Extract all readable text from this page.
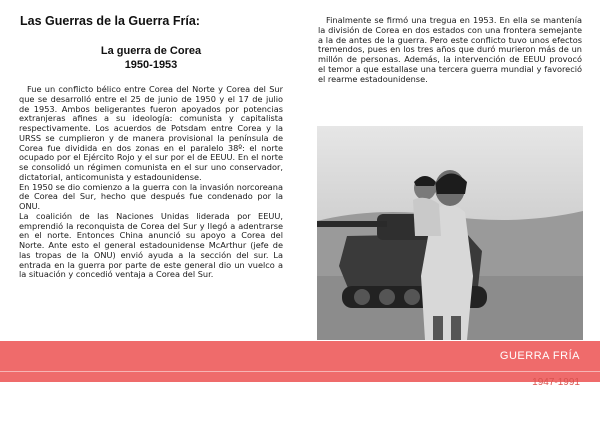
Las Guerras de la Guerra Fría:
La guerra de Corea
1950-1953

Fue un conflicto bélico entre Corea del Norte y Corea del Sur que se desarrolló entre el 25 de junio de 1950 y el 17 de julio de 1953. Ambos beligerantes fueron apoyados por potencias extranjeras afines a su ideología: comunista y capitalista respectivamente. Los acuerdos de Potsdam entre Corea y la URSS se cumplieron y de manera provisional la península de Corea fue dividida en dos zonas en el paralelo 38º: el norte ocupado por el Ejército Rojo y el sur por el de EEUU. En el norte se consolidó un régimen comunista en el sur uno conservador, dictatorial, anticomunista y estadounidense.

En 1950 se dio comienzo a la guerra con la invasión norcoreana de Corea del Sur, hecho que después fue condenado por la ONU.

La coalición de las Naciones Unidas liderada por EEUU, emprendió la reconquista de Corea del Sur y llegó a adentrarse en el norte. Entonces China anunció su apoyo a Corea del Norte. Ante esto el general estadounidense McArthur (jefe de las tropas de la ONU) envió ayuda a la sección del sur. La entrada en la guerra por parte de este general dio un vuelco a la situación y concedió ventaja a Corea del Sur.

Finalmente se firmó una tregua en 1953. En ella se mantenía la división de Corea en dos estados con una frontera semejante a la de antes de la guerra. Pero este conflicto tuvo unos efectos tremendos, pues en los tres años que duró murieron más de un millón de personas. Además, la intervención de EEUU provocó el temor a que estallase una tercera guerra mundial y favoreció el rearme estadounidense.

GUERRA FRÍA
1947-1991
